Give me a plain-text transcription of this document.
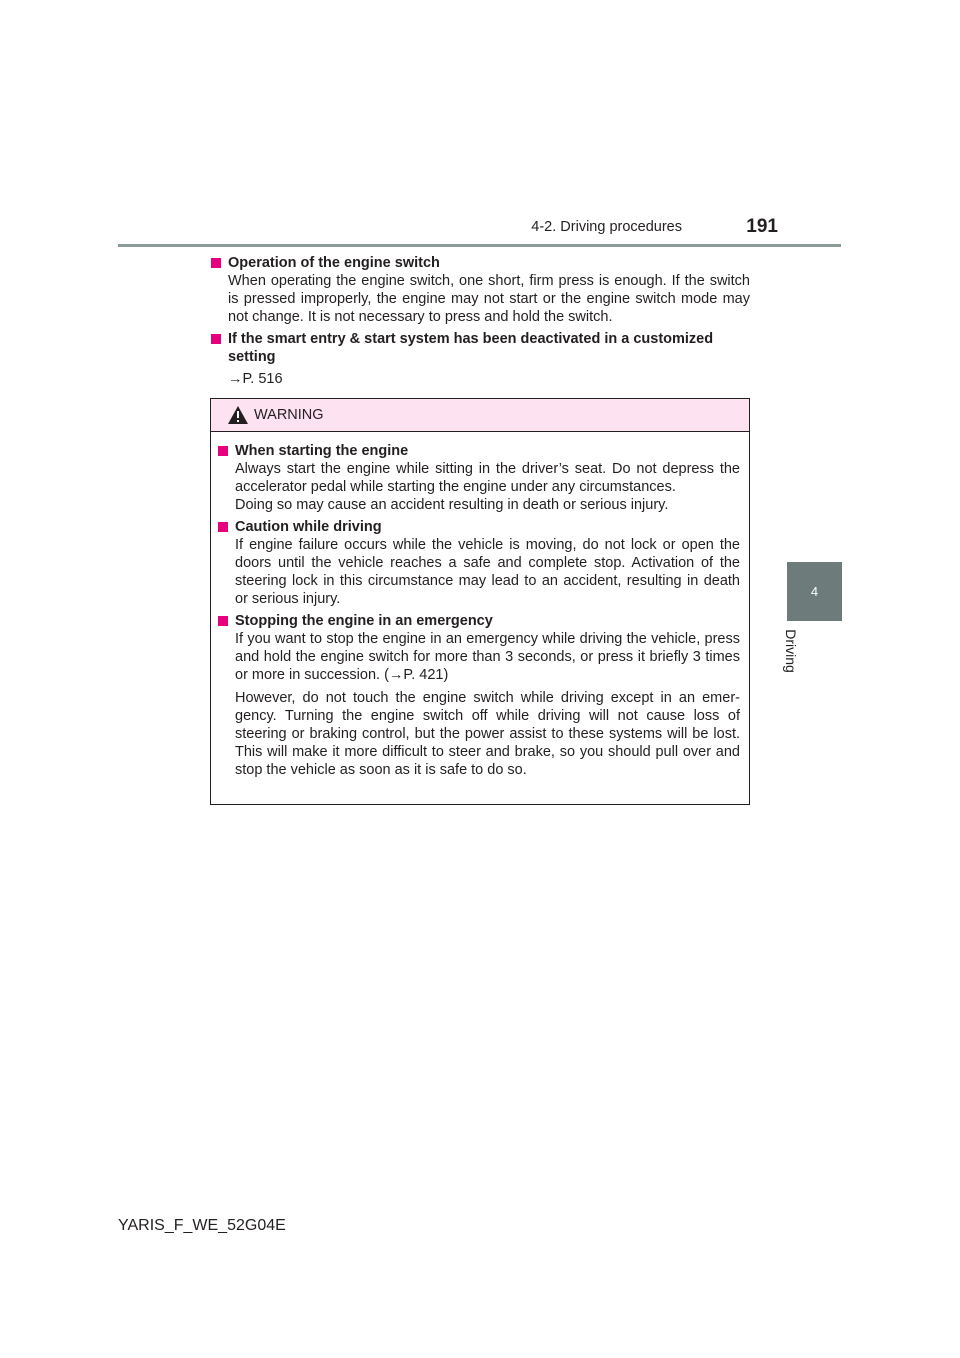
4-2. Driving procedures	191
4
Driving
Operation of the engine switch
When operating the engine switch, one short, firm press is enough. If the switch is pressed improperly, the engine may not start or the engine switch mode may not change. It is not necessary to press and hold the switch.
If the smart entry & start system has been deactivated in a customized setting
→P. 516
WARNING
When starting the engine

Always start the engine while sitting in the driver’s seat. Do not depress the accelerator pedal while starting the engine under any circumstances.

Doing so may cause an accident resulting in death or serious injury.

Caution while driving

If engine failure occurs while the vehicle is moving, do not lock or open the doors until the vehicle reaches a safe and complete stop. Activation of the steering lock in this circumstance may lead to an accident, resulting in death or serious injury.

Stopping the engine in an emergency

If you want to stop the engine in an emergency while driving the vehicle, press and hold the engine switch for more than 3 seconds, or press it briefly 3 times or more in succession. (→P. 421)

However, do not touch the engine switch while driving except in an emer-gency. Turning the engine switch off while driving will not cause loss of steering or braking control, but the power assist to these systems will be lost. This will make it more difficult to steer and brake, so you should pull over and stop the vehicle as soon as it is safe to do so.

YARIS_F_WE_52G04E
